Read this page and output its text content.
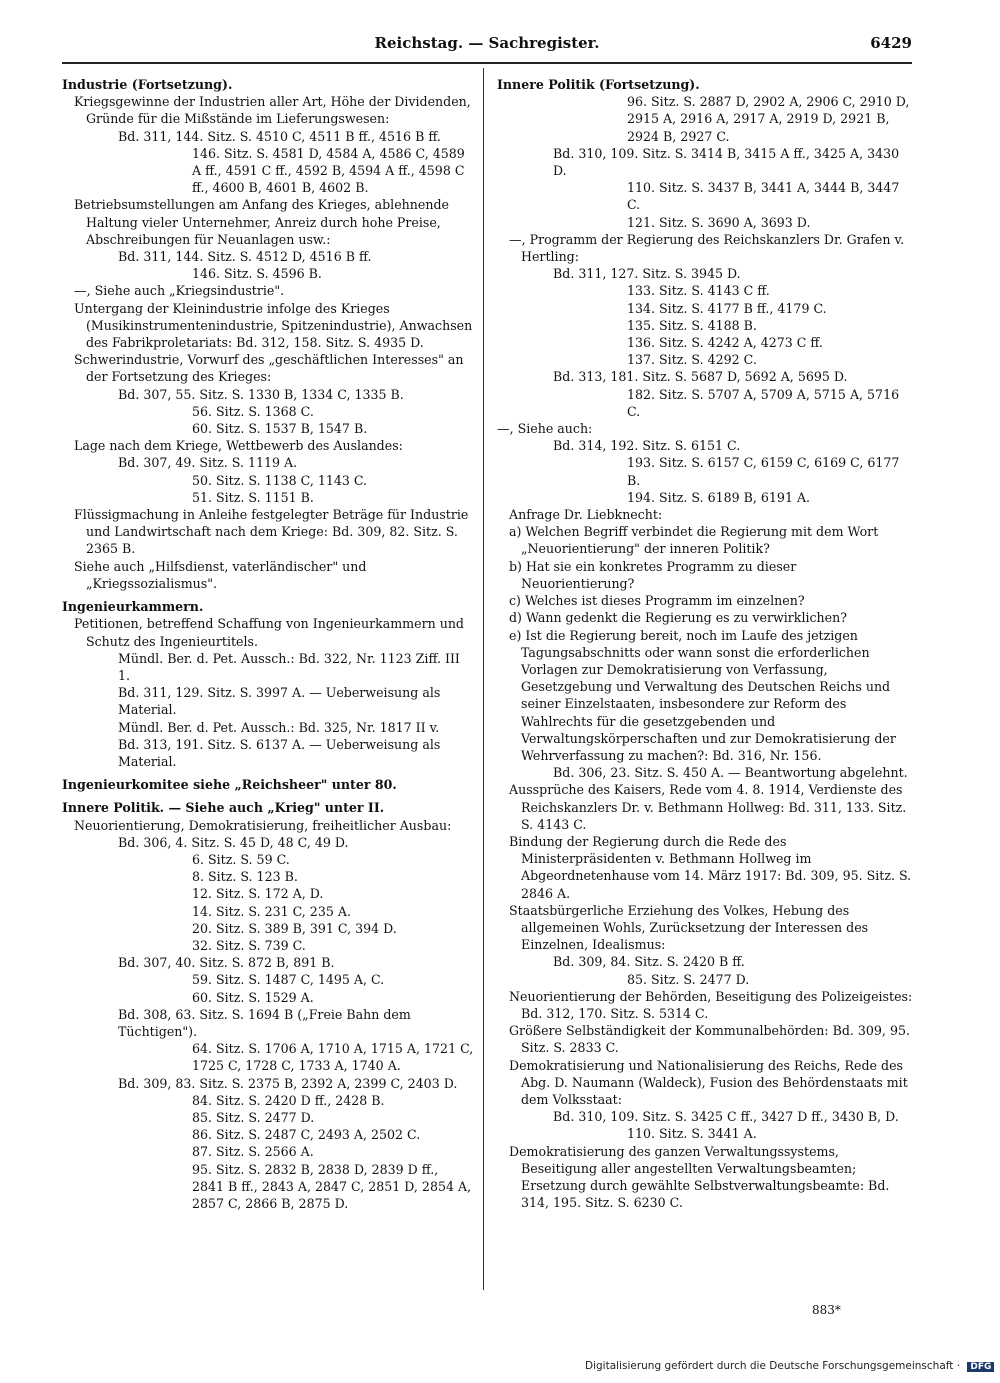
Reichstag. — Sachregister.	6429

Industrie (Fortsetzung).

Kriegsgewinne der Industrien aller Art, Höhe der Dividenden, Gründe für die Mißstände im Lieferungswesen:

Bd. 311, 144. Sitz. S. 4510 C, 4511 B ff., 4516 B ff.

146. Sitz. S. 4581 D, 4584 A, 4586 C, 4589 A ff., 4591 C ff., 4592 B, 4594 A ff., 4598 C ff., 4600 B, 4601 B, 4602 B.

Betriebsumstellungen am Anfang des Krieges, ablehnende Haltung vieler Unternehmer, Anreiz durch hohe Preise, Abschreibungen für Neuanlagen usw.:

Bd. 311, 144. Sitz. S. 4512 D, 4516 B ff.

146. Sitz. S. 4596 B.

—, Siehe auch „Kriegsindustrie".

Untergang der Kleinindustrie infolge des Krieges (Musikinstrumentenindustrie, Spitzenindustrie), Anwachsen des Fabrikproletariats: Bd. 312, 158. Sitz. S. 4935 D.

Schwerindustrie, Vorwurf des „geschäftlichen Interesses" an der Fortsetzung des Krieges:

Bd. 307, 55. Sitz. S. 1330 B, 1334 C, 1335 B.

56. Sitz. S. 1368 C.

60. Sitz. S. 1537 B, 1547 B.

Lage nach dem Kriege, Wettbewerb des Auslandes:

Bd. 307, 49. Sitz. S. 1119 A.

50. Sitz. S. 1138 C, 1143 C.

51. Sitz. S. 1151 B.

Flüssigmachung in Anleihe festgelegter Beträge für Industrie und Landwirtschaft nach dem Kriege: Bd. 309, 82. Sitz. S. 2365 B.

Siehe auch „Hilfsdienst, vaterländischer" und „Kriegssozialismus".

Ingenieurkammern.

Petitionen, betreffend Schaffung von Ingenieurkammern und Schutz des Ingenieurtitels.

Mündl. Ber. d. Pet. Aussch.: Bd. 322, Nr. 1123 Ziff. III 1.

Bd. 311, 129. Sitz. S. 3997 A. — Ueberweisung als Material.

Mündl. Ber. d. Pet. Aussch.: Bd. 325, Nr. 1817 II v.

Bd. 313, 191. Sitz. S. 6137 A. — Ueberweisung als Material.

Ingenieurkomitee siehe „Reichsheer" unter 80.

Innere Politik. — Siehe auch „Krieg" unter II.

Neuorientierung, Demokratisierung, freiheitlicher Ausbau:

Bd. 306, 4. Sitz. S. 45 D, 48 C, 49 D.

6. Sitz. S. 59 C.

8. Sitz. S. 123 B.

12. Sitz. S. 172 A, D.

14. Sitz. S. 231 C, 235 A.

20. Sitz. S. 389 B, 391 C, 394 D.

32. Sitz. S. 739 C.

Bd. 307, 40. Sitz. S. 872 B, 891 B.

59. Sitz. S. 1487 C, 1495 A, C.

60. Sitz. S. 1529 A.

Bd. 308, 63. Sitz. S. 1694 B („Freie Bahn dem Tüchtigen").

64. Sitz. S. 1706 A, 1710 A, 1715 A, 1721 C, 1725 C, 1728 C, 1733 A, 1740 A.

Bd. 309, 83. Sitz. S. 2375 B, 2392 A, 2399 C, 2403 D.

84. Sitz. S. 2420 D ff., 2428 B.

85. Sitz. S. 2477 D.

86. Sitz. S. 2487 C, 2493 A, 2502 C.

87. Sitz. S. 2566 A.

95. Sitz. S. 2832 B, 2838 D, 2839 D ff., 2841 B ff., 2843 A, 2847 C, 2851 D, 2854 A, 2857 C, 2866 B, 2875 D.

Innere Politik (Fortsetzung).

96. Sitz. S. 2887 D, 2902 A, 2906 C, 2910 D, 2915 A, 2916 A, 2917 A, 2919 D, 2921 B, 2924 B, 2927 C.

Bd. 310, 109. Sitz. S. 3414 B, 3415 A ff., 3425 A, 3430 D.

110. Sitz. S. 3437 B, 3441 A, 3444 B, 3447 C.

121. Sitz. S. 3690 A, 3693 D.

—, Programm der Regierung des Reichskanzlers Dr. Grafen v. Hertling:

Bd. 311, 127. Sitz. S. 3945 D.

133. Sitz. S. 4143 C ff.

134. Sitz. S. 4177 B ff., 4179 C.

135. Sitz. S. 4188 B.

136. Sitz. S. 4242 A, 4273 C ff.

137. Sitz. S. 4292 C.

Bd. 313, 181. Sitz. S. 5687 D, 5692 A, 5695 D.

182. Sitz. S. 5707 A, 5709 A, 5715 A, 5716 C.

—, Siehe auch:

Bd. 314, 192. Sitz. S. 6151 C.

193. Sitz. S. 6157 C, 6159 C, 6169 C, 6177 B.

194. Sitz. S. 6189 B, 6191 A.

Anfrage Dr. Liebknecht:

a) Welchen Begriff verbindet die Regierung mit dem Wort „Neuorientierung" der inneren Politik?

b) Hat sie ein konkretes Programm zu dieser Neuorientierung?

c) Welches ist dieses Programm im einzelnen?

d) Wann gedenkt die Regierung es zu verwirklichen?

e) Ist die Regierung bereit, noch im Laufe des jetzigen Tagungsabschnitts oder wann sonst die erforderlichen Vorlagen zur Demokratisierung von Verfassung, Gesetzgebung und Verwaltung des Deutschen Reichs und seiner Einzelstaaten, insbesondere zur Reform des Wahlrechts für die gesetzgebenden und Verwaltungskörperschaften und zur Demokratisierung der Wehrverfassung zu machen?: Bd. 316, Nr. 156.

Bd. 306, 23. Sitz. S. 450 A. — Beantwortung abgelehnt.

Aussprüche des Kaisers, Rede vom 4. 8. 1914, Verdienste des Reichskanzlers Dr. v. Bethmann Hollweg: Bd. 311, 133. Sitz. S. 4143 C.

Bindung der Regierung durch die Rede des Ministerpräsidenten v. Bethmann Hollweg im Abgeordnetenhause vom 14. März 1917: Bd. 309, 95. Sitz. S. 2846 A.

Staatsbürgerliche Erziehung des Volkes, Hebung des allgemeinen Wohls, Zurücksetzung der Interessen des Einzelnen, Idealismus:

Bd. 309, 84. Sitz. S. 2420 B ff.

85. Sitz. S. 2477 D.

Neuorientierung der Behörden, Beseitigung des Polizeigeistes: Bd. 312, 170. Sitz. S. 5314 C.

Größere Selbständigkeit der Kommunalbehörden: Bd. 309, 95. Sitz. S. 2833 C.

Demokratisierung und Nationalisierung des Reichs, Rede des Abg. D. Naumann (Waldeck), Fusion des Behördenstaats mit dem Volksstaat:

Bd. 310, 109. Sitz. S. 3425 C ff., 3427 D ff., 3430 B, D.

110. Sitz. S. 3441 A.

Demokratisierung des ganzen Verwaltungssystems, Beseitigung aller angestellten Verwaltungsbeamten; Ersetzung durch gewählte Selbstverwaltungsbeamte: Bd. 314, 195. Sitz. S. 6230 C.

883*
Digitalisierung gefördert durch die Deutsche Forschungsgemeinschaft · DFG
